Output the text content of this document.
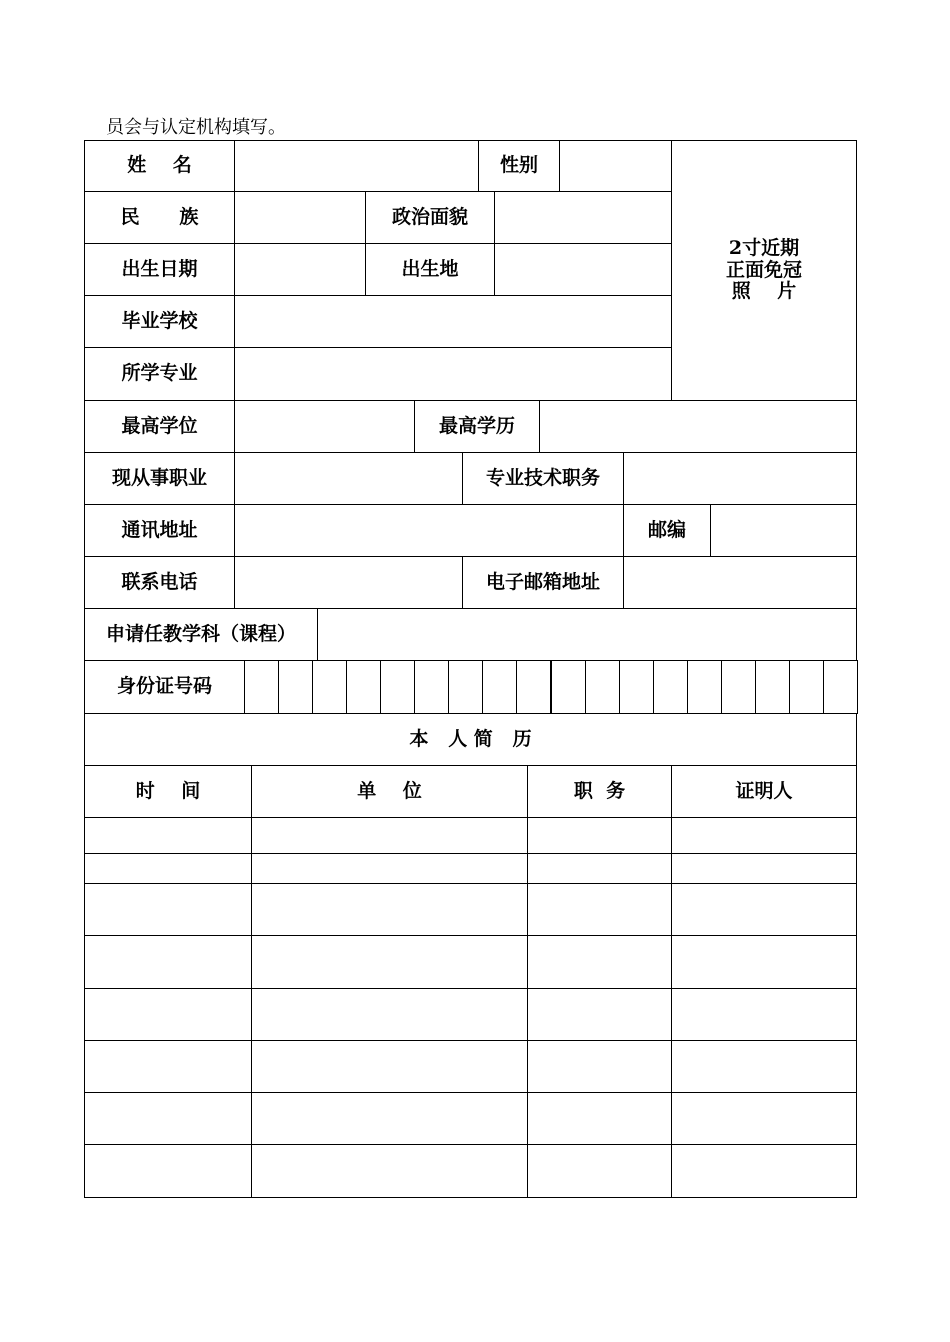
员会与认定机构填写。
姓    名	性别
2寸近期
正面免冠
照    片
民      族	政治面貌
出生日期	出生地
毕业学校
所学专业
最高学位	最高学历
现从事职业	专业技术职务
通讯地址	邮编
联系电话	电子邮箱地址
申请任教学科（课程）
身份证号码
本   人 简   历
时    间	单    位	职  务	证明人
